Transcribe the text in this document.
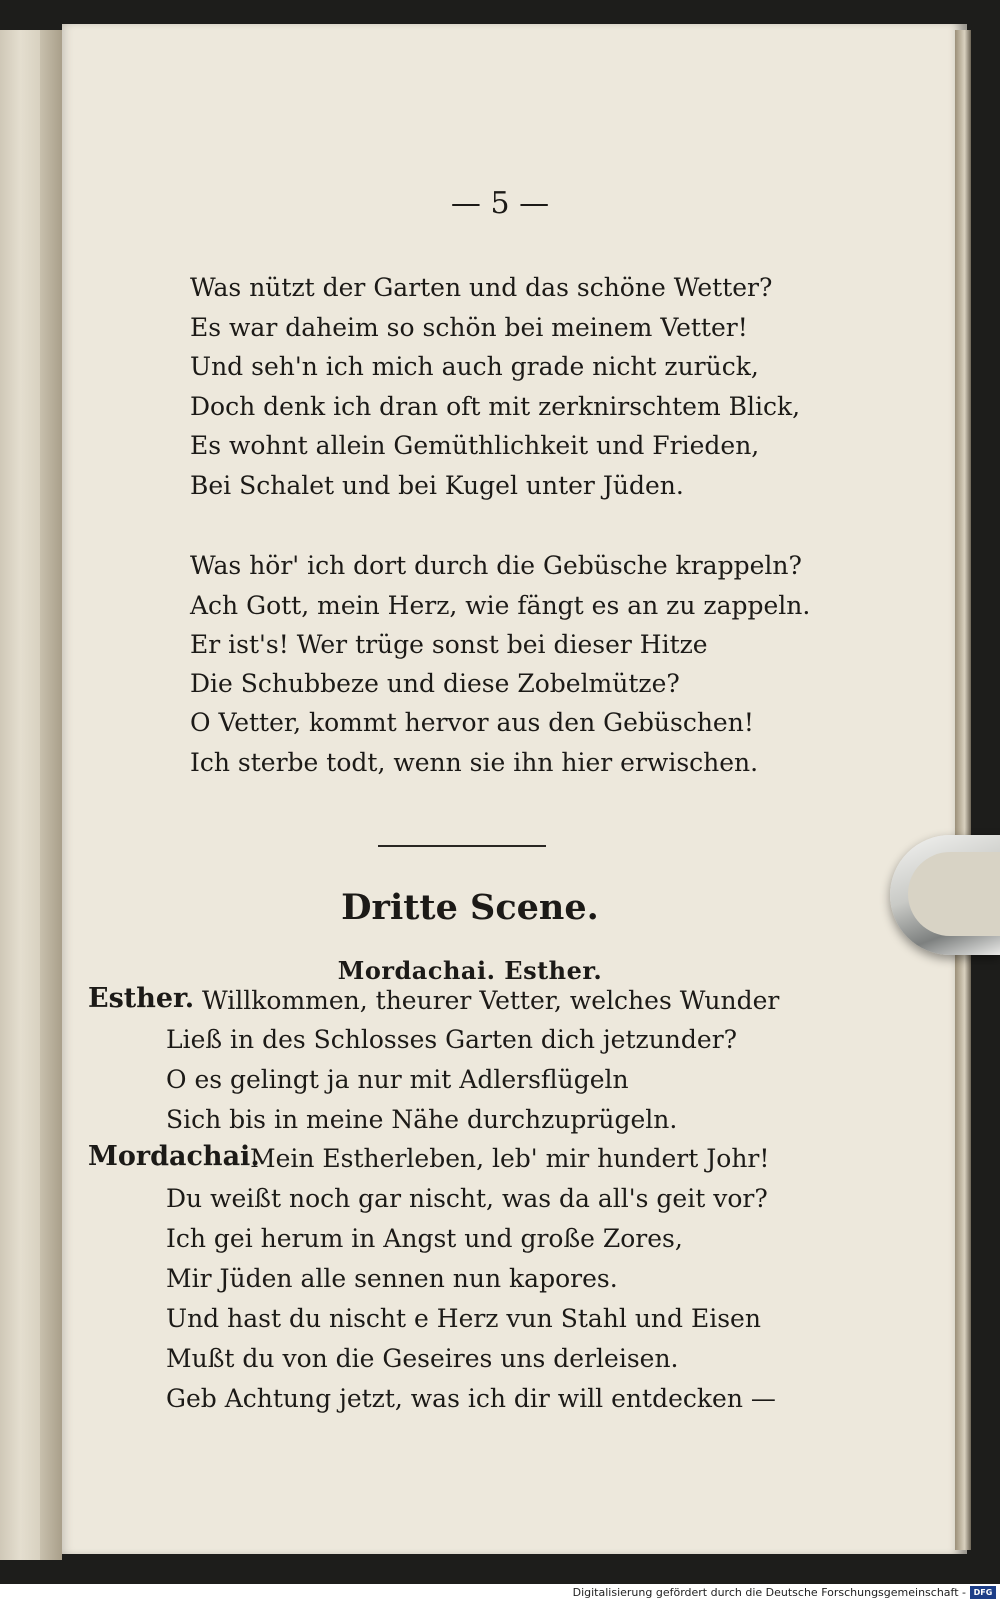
— 5 —
Was nützt der Garten und das schöne Wetter?
Es war daheim so schön bei meinem Vetter!
Und seh'n ich mich auch grade nicht zurück,
Doch denk ich dran oft mit zerknirschtem Blick,
Es wohnt allein Gemüthlichkeit und Frieden,
Bei Schalet und bei Kugel unter Jüden.
Was hör' ich dort durch die Gebüsche krappeln?
Ach Gott, mein Herz, wie fängt es an zu zappeln.
Er ist's! Wer trüge sonst bei dieser Hitze
Die Schubbeze und diese Zobelmütze?
O Vetter, kommt hervor aus den Gebüschen!
Ich sterbe todt, wenn sie ihn hier erwischen.
Dritte Scene.
Mordachai. Esther.
Esther. Willkommen, theurer Vetter, welches Wunder
Ließ in des Schlosses Garten dich jetzunder?
O es gelingt ja nur mit Adlersflügeln
Sich bis in meine Nähe durchzuprügeln.
Mordachai.
Mein Estherleben, leb' mir hundert Johr!
Du weißt noch gar nischt, was da all's geit vor?
Ich gei herum in Angst und große Zores,
Mir Jüden alle sennen nun kapores.
Und hast du nischt e Herz vun Stahl und Eisen
Mußt du von die Geseires uns derleisen.
Geb Achtung jetzt, was ich dir will entdecken —
Digitalisierung gefördert durch die Deutsche Forschungsgemeinschaft - DFG
